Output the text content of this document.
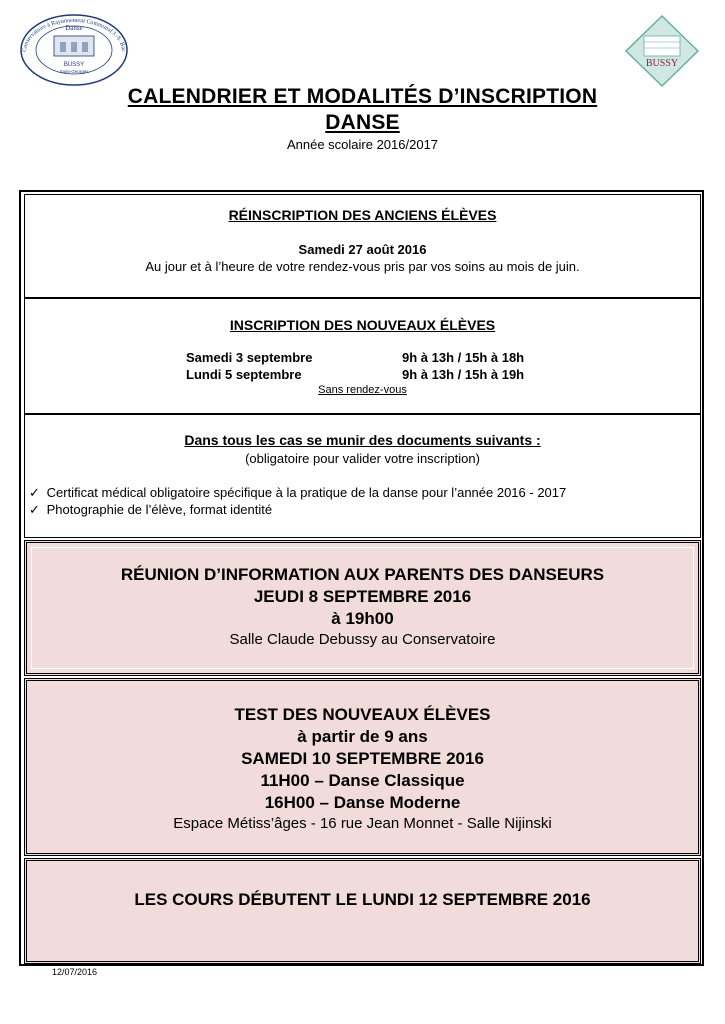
Danse
BUSSY
Saint-Georges
Conservatoire à Rayonnement Communal J.-S. Bac
BUSSY
CALENDRIER ET MODALITÉS D’INSCRIPTION
DANSE
Année scolaire 2016/2017
RÉINSCRIPTION DES ANCIENS ÉLÈVES
Samedi 27 août 2016
Au jour et à l’heure de votre rendez-vous pris par vos soins au mois de juin.
INSCRIPTION DES NOUVEAUX ÉLÈVES
Samedi 3 septembre	9h à 13h / 15h à 18h
Lundi 5 septembre	9h à 13h / 15h à 19h
Sans rendez-vous
Dans tous les cas se munir des documents suivants :
(obligatoire pour valider votre inscription)
✓ Certificat médical obligatoire spécifique à la pratique de la danse pour l’année 2016 - 2017
✓ Photographie de l’élève, format identité
RÉUNION D’INFORMATION AUX PARENTS DES DANSEURS
JEUDI 8 SEPTEMBRE 2016
à 19h00
Salle Claude Debussy au Conservatoire
TEST DES NOUVEAUX ÉLÈVES
à partir de 9 ans
SAMEDI 10 SEPTEMBRE 2016
11H00 – Danse Classique
16H00 – Danse Moderne
Espace Métiss’âges - 16 rue Jean Monnet - Salle Nijinski
LES COURS DÉBUTENT LE LUNDI 12 SEPTEMBRE 2016
12/07/2016
